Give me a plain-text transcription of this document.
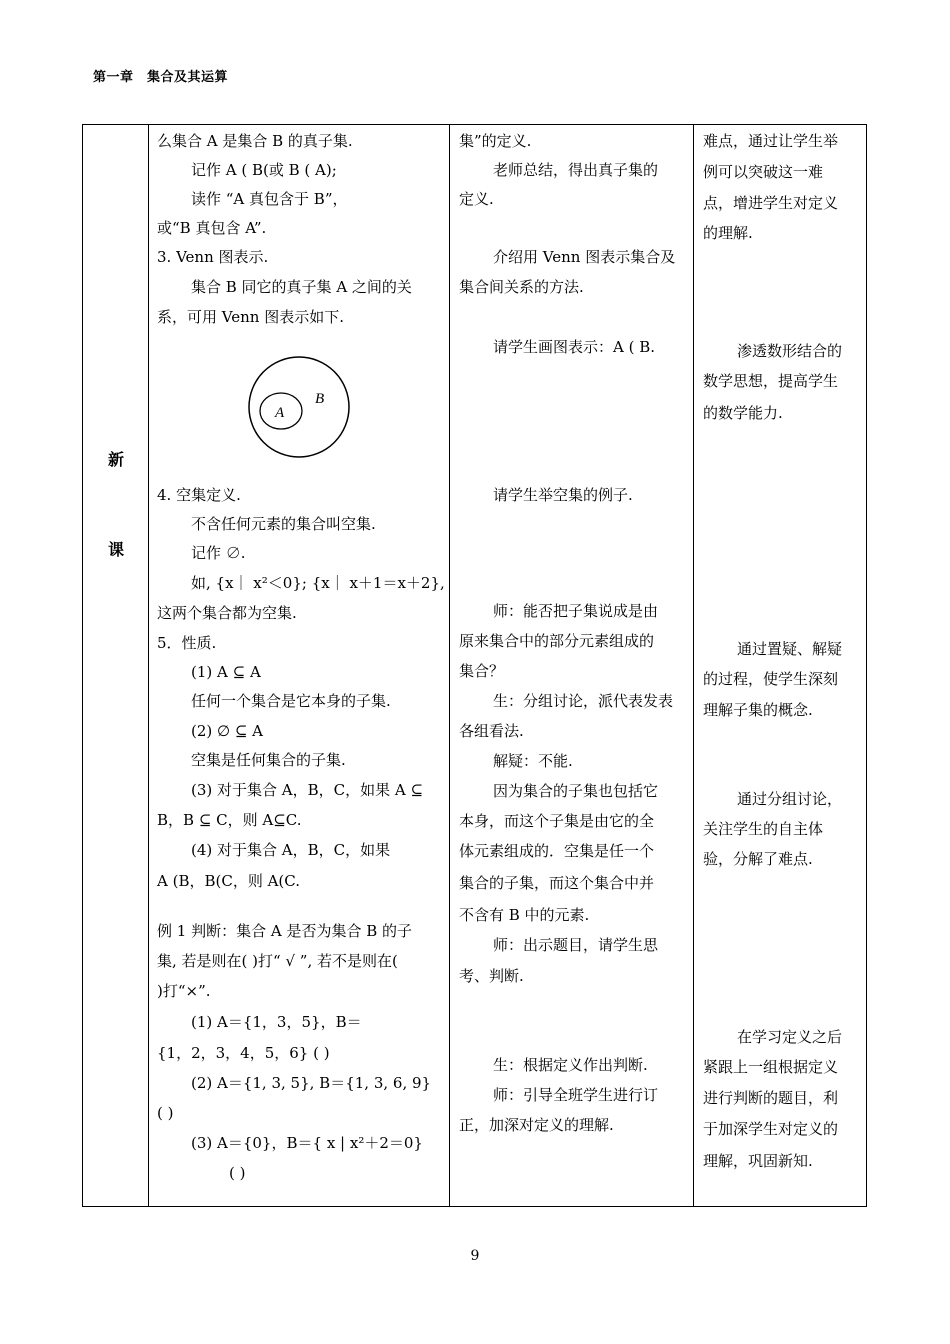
第一章　集合及其运算
新
课
么集合 A 是集合 B 的真子集.
记作 A ( B(或 B ( A);
读作 “A 真包含于 B”，
或“B 真包含 A”.
3. Venn 图表示.
集合 B 同它的真子集 A 之间的关
系，可用 Venn 图表示如下.
A
B
4. 空集定义.
不含任何元素的集合叫空集.
记作 ∅.
如, {x｜ x²＜0}; {x｜ x＋1＝x＋2},
这两个集合都为空集.
5．性质.
(1) A ⊆ A
任何一个集合是它本身的子集.
(2) ∅ ⊆ A
空集是任何集合的子集.
(3) 对于集合 A，B，C，如果 A ⊆
B，B ⊆ C，则 A⊆C.
(4) 对于集合 A，B，C，如果
A (B，B(C，则 A(C.
例 1 判断：集合 A 是否为集合 B 的子
集, 若是则在( )打“ √ ”, 若不是则在(
)打“×”.
(1) A＝{1，3，5}，B＝
{1，2，3，4，5，6} ( )
(2) A＝{1, 3, 5}, B＝{1, 3, 6, 9}
( )
(3) A＝{0}，B＝{ x | x²＋2＝0}
( )
集”的定义.
老师总结，得出真子集的
定义.
介绍用 Venn 图表示集合及
集合间关系的方法.
请学生画图表示：A ( B.
请学生举空集的例子.
师：能否把子集说成是由
原来集合中的部分元素组成的
集合？
生：分组讨论，派代表发表
各组看法.
解疑：不能.
因为集合的子集也包括它
本身，而这个子集是由它的全
体元素组成的．空集是任一个
集合的子集，而这个集合中并
不含有 B 中的元素.
师：出示题目，请学生思
考、判断.
生：根据定义作出判断.
师：引导全班学生进行订
正，加深对定义的理解.
难点，通过让学生举
例可以突破这一难
点，增进学生对定义
的理解.
渗透数形结合的
数学思想，提高学生
的数学能力.
通过置疑、解疑
的过程，使学生深刻
理解子集的概念.
通过分组讨论，
关注学生的自主体
验，分解了难点.
在学习定义之后
紧跟上一组根据定义
进行判断的题目，利
于加深学生对定义的
理解，巩固新知.
9
